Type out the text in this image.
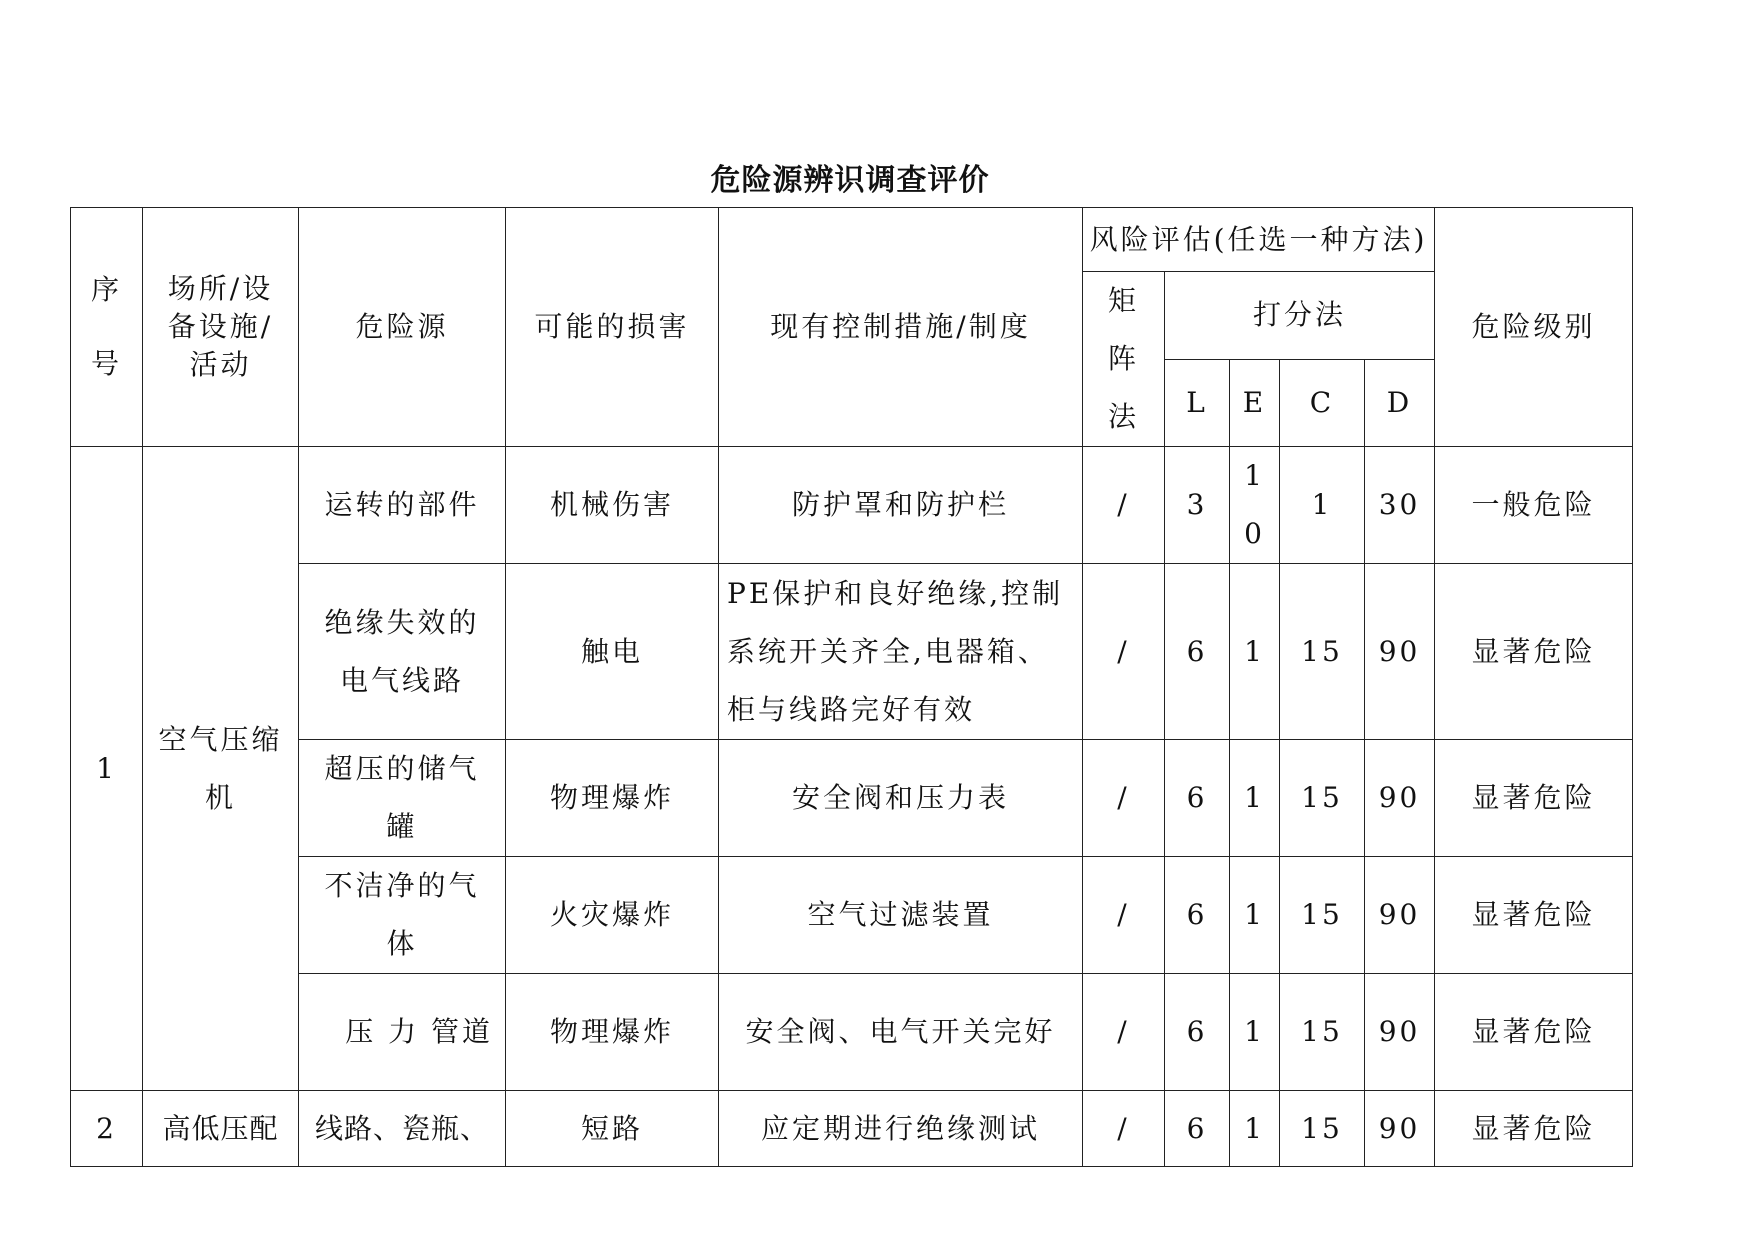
危险源辨识调查评价
序号	场所/设备设施/活动	危险源	可能的损害	现有控制措施/制度	风险评估(任选一种方法)					危险级别
					矩阵法	打分法				
						L	E	C	D	
1	空气压缩机	运转的部件	机械伤害	防护罩和防护栏	/	3	10	1	30	一般危险
		绝缘失效的电气线路	触电	PE保护和良好绝缘,控制系统开关齐全,电器箱、柜与线路完好有效	/	6	1	15	90	显著危险
		超压的储气罐	物理爆炸	安全阀和压力表	/	6	1	15	90	显著危险
		不洁净的气体	火灾爆炸	空气过滤装置	/	6	1	15	90	显著危险
		压 力 管道	物理爆炸	安全阀、电气开关完好	/	6	1	15	90	显著危险
2	高低压配	线路、瓷瓶、	短路	应定期进行绝缘测试	/	6	1	15	90	显著危险
